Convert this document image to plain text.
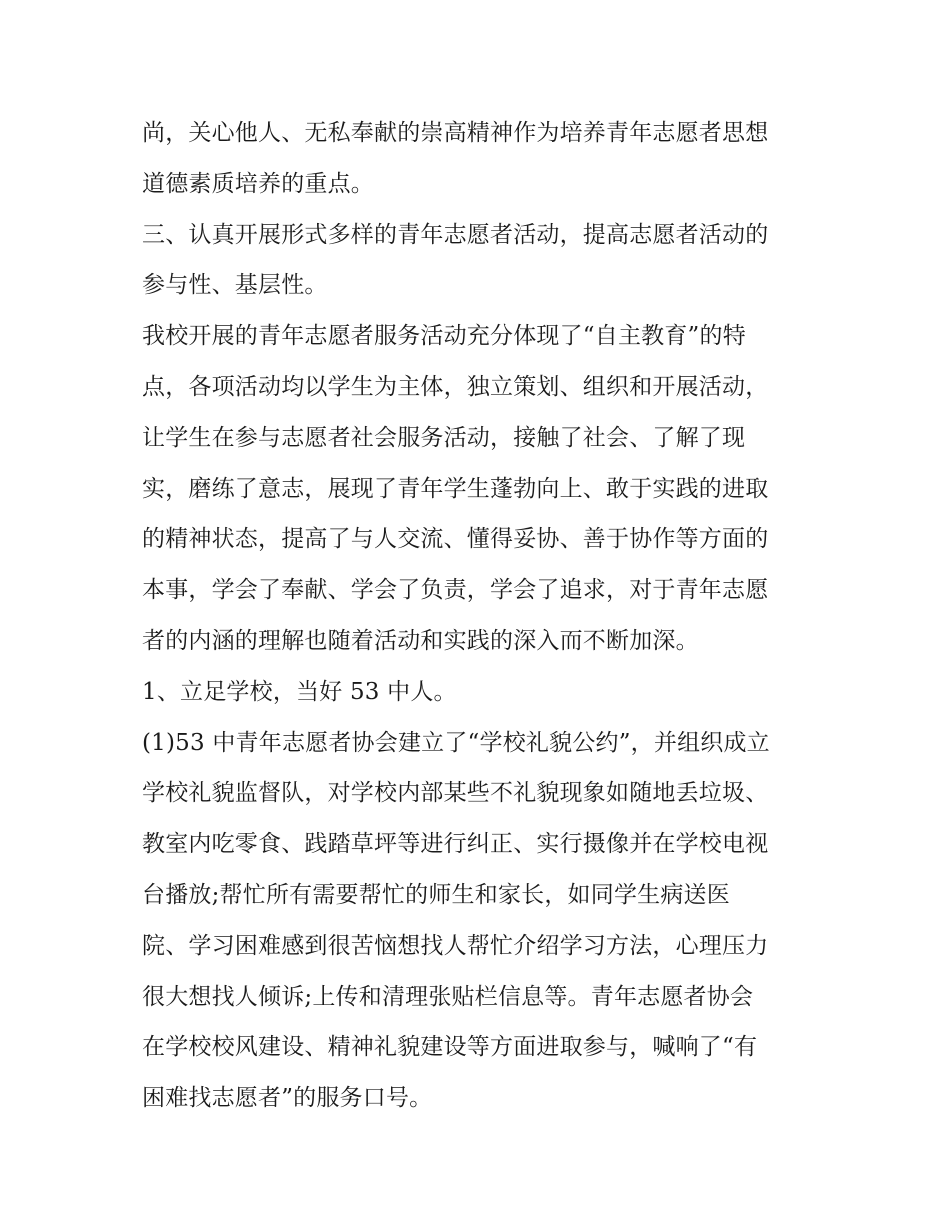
尚，关心他人、无私奉献的崇高精神作为培养青年志愿者思想
道德素质培养的重点。
三、认真开展形式多样的青年志愿者活动，提高志愿者活动的
参与性、基层性。
我校开展的青年志愿者服务活动充分体现了“自主教育”的特
点，各项活动均以学生为主体，独立策划、组织和开展活动，
让学生在参与志愿者社会服务活动，接触了社会、了解了现
实，磨练了意志，展现了青年学生蓬勃向上、敢于实践的进取
的精神状态，提高了与人交流、懂得妥协、善于协作等方面的
本事，学会了奉献、学会了负责，学会了追求，对于青年志愿
者的内涵的理解也随着活动和实践的深入而不断加深。
1、立足学校，当好 53 中人。
(1)53 中青年志愿者协会建立了“学校礼貌公约”，并组织成立
学校礼貌监督队，对学校内部某些不礼貌现象如随地丢垃圾、
教室内吃零食、践踏草坪等进行纠正、实行摄像并在学校电视
台播放;帮忙所有需要帮忙的师生和家长，如同学生病送医
院、学习困难感到很苦恼想找人帮忙介绍学习方法，心理压力
很大想找人倾诉;上传和清理张贴栏信息等。青年志愿者协会
在学校校风建设、精神礼貌建设等方面进取参与，喊响了“有
困难找志愿者”的服务口号。
